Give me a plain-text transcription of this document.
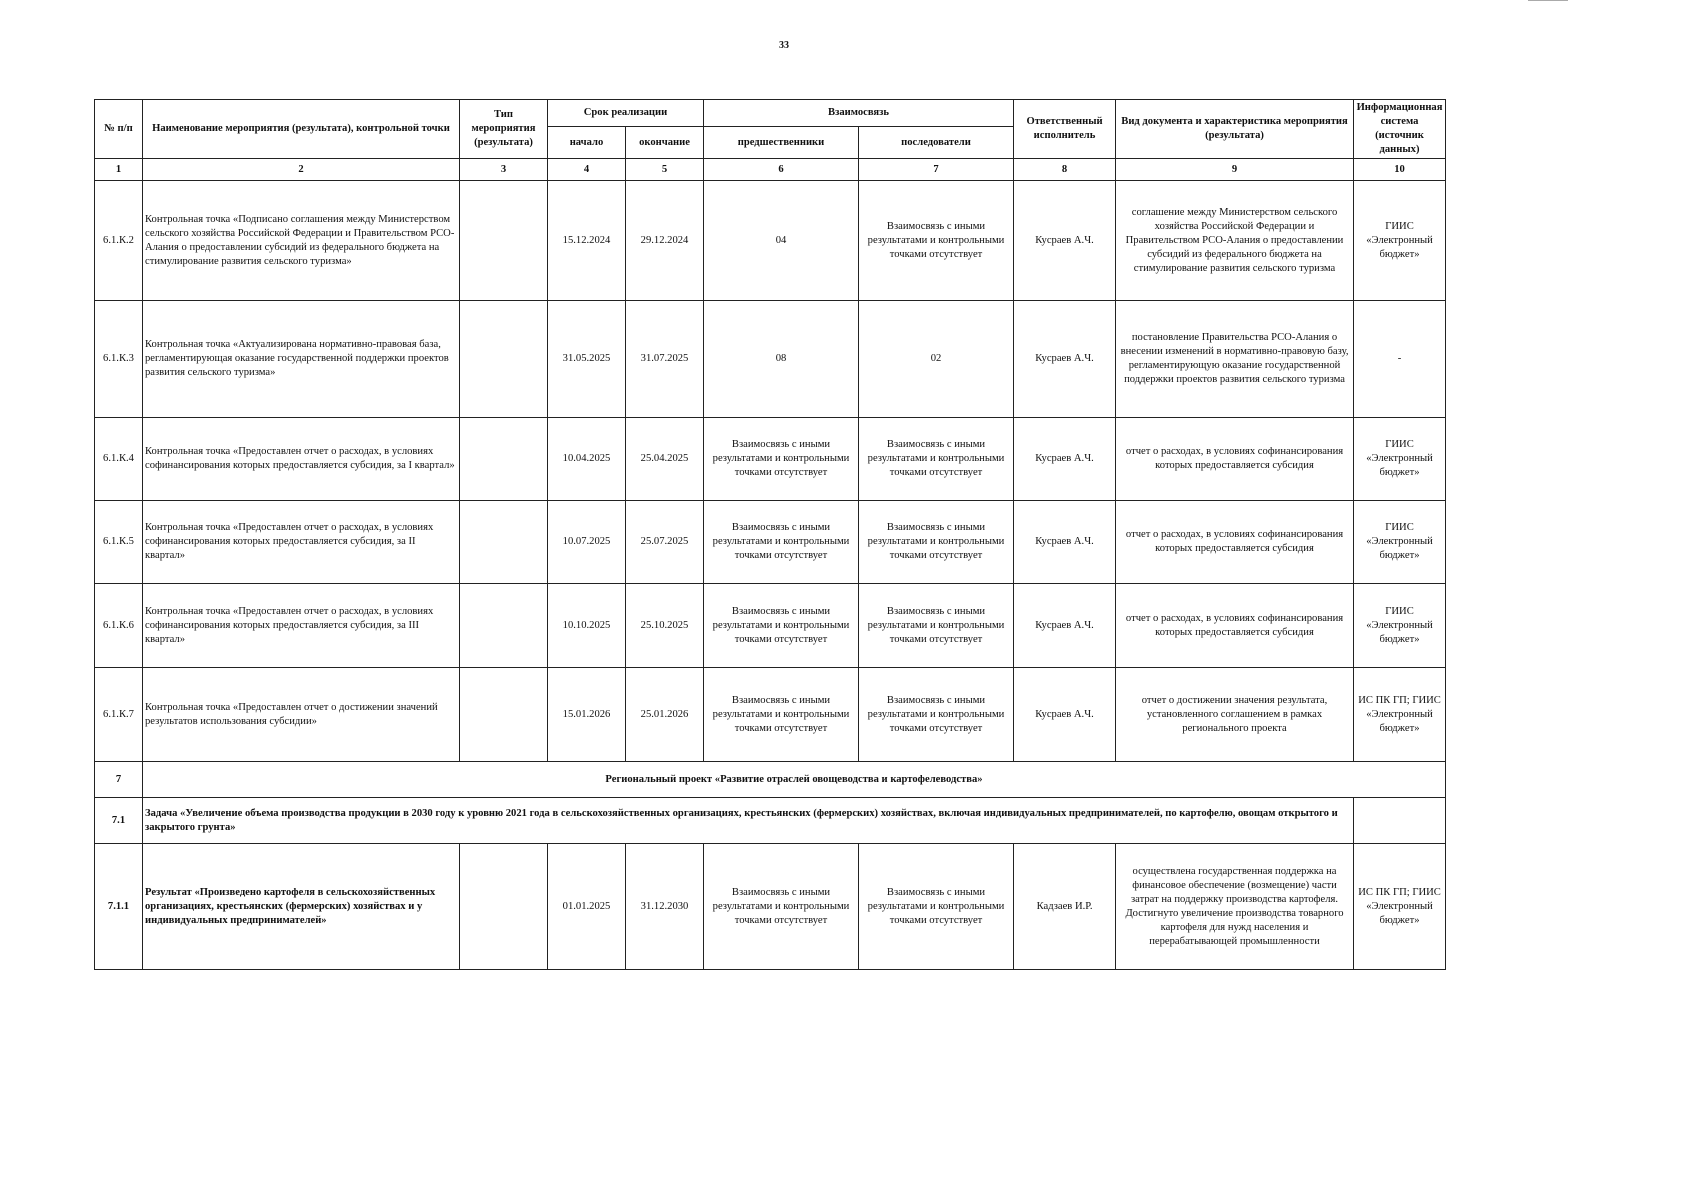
33
№ п/п	Наименование мероприятия (результата), контрольной точки	Тип мероприятия (результата)	Срок реализации		Взаимосвязь		Ответственный исполнитель	Вид документа и характеристика мероприятия (результата)	Информационная система (источник данных)
			начало	окончание	предшественники	последователи			
1	2	3	4	5	6	7	8	9	10
6.1.К.2	Контрольная точка «Подписано соглашения между Министерством сельского хозяйства Российской Федерации и Правительством РСО-Алания о предоставлении субсидий из федерального бюджета на стимулирование развития сельского туризма»		15.12.2024	29.12.2024	04	Взаимосвязь с иными результатами и контрольными точками отсутствует	Кусраев А.Ч.	соглашение между Министерством сельского хозяйства Российской Федерации и Правительством РСО-Алания о предоставлении субсидий из федерального бюджета на стимулирование развития сельского туризма	ГИИС «Электронный бюджет»
6.1.К.3	Контрольная точка «Актуализирована нормативно-правовая база, регламентирующая оказание государственной поддержки проектов развития сельского туризма»		31.05.2025	31.07.2025	08	02	Кусраев А.Ч.	постановление Правительства РСО-Алания о внесении изменений в нормативно-правовую базу, регламентирующую оказание государственной поддержки проектов развития сельского туризма	-
6.1.К.4	Контрольная точка «Предоставлен отчет о расходах, в условиях софинансирования которых предоставляется субсидия, за I квартал»		10.04.2025	25.04.2025	Взаимосвязь с иными результатами и контрольными точками отсутствует	Взаимосвязь с иными результатами и контрольными точками отсутствует	Кусраев А.Ч.	отчет о расходах, в условиях софинансирования которых предоставляется субсидия	ГИИС «Электронный бюджет»
6.1.К.5	Контрольная точка «Предоставлен отчет о расходах, в условиях софинансирования которых предоставляется субсидия, за II квартал»		10.07.2025	25.07.2025	Взаимосвязь с иными результатами и контрольными точками отсутствует	Взаимосвязь с иными результатами и контрольными точками отсутствует	Кусраев А.Ч.	отчет о расходах, в условиях софинансирования которых предоставляется субсидия	ГИИС «Электронный бюджет»
6.1.К.6	Контрольная точка «Предоставлен отчет о расходах, в условиях софинансирования которых предоставляется субсидия, за III квартал»		10.10.2025	25.10.2025	Взаимосвязь с иными результатами и контрольными точками отсутствует	Взаимосвязь с иными результатами и контрольными точками отсутствует	Кусраев А.Ч.	отчет о расходах, в условиях софинансирования которых предоставляется субсидия	ГИИС «Электронный бюджет»
6.1.К.7	Контрольная точка «Предоставлен отчет о достижении значений результатов использования субсидии»		15.01.2026	25.01.2026	Взаимосвязь с иными результатами и контрольными точками отсутствует	Взаимосвязь с иными результатами и контрольными точками отсутствует	Кусраев А.Ч.	отчет о достижении значения результата, установленного соглашением в рамках регионального проекта	ИС ПК ГП; ГИИС «Электронный бюджет»
7	Региональный проект «Развитие отраслей овощеводства и картофелеводства»								
7.1	Задача «Увеличение объема производства продукции в 2030 году к уровню 2021 года в сельскохозяйственных организациях, крестьянских (фермерских) хозяйствах, включая индивидуальных предпринимателей, по картофелю, овощам открытого и закрытого грунта»								
7.1.1	Результат «Произведено картофеля в сельскохозяйственных организациях, крестьянских (фермерских) хозяйствах и у индивидуальных предпринимателей»		01.01.2025	31.12.2030	Взаимосвязь с иными результатами и контрольными точками отсутствует	Взаимосвязь с иными результатами и контрольными точками отсутствует	Кадзаев И.Р.	осуществлена государственная поддержка на финансовое обеспечение (возмещение) части затрат на поддержку производства картофеля. Достигнуто увеличение производства товарного картофеля для нужд населения и перерабатывающей промышленности	ИС ПК ГП; ГИИС «Электронный бюджет»
